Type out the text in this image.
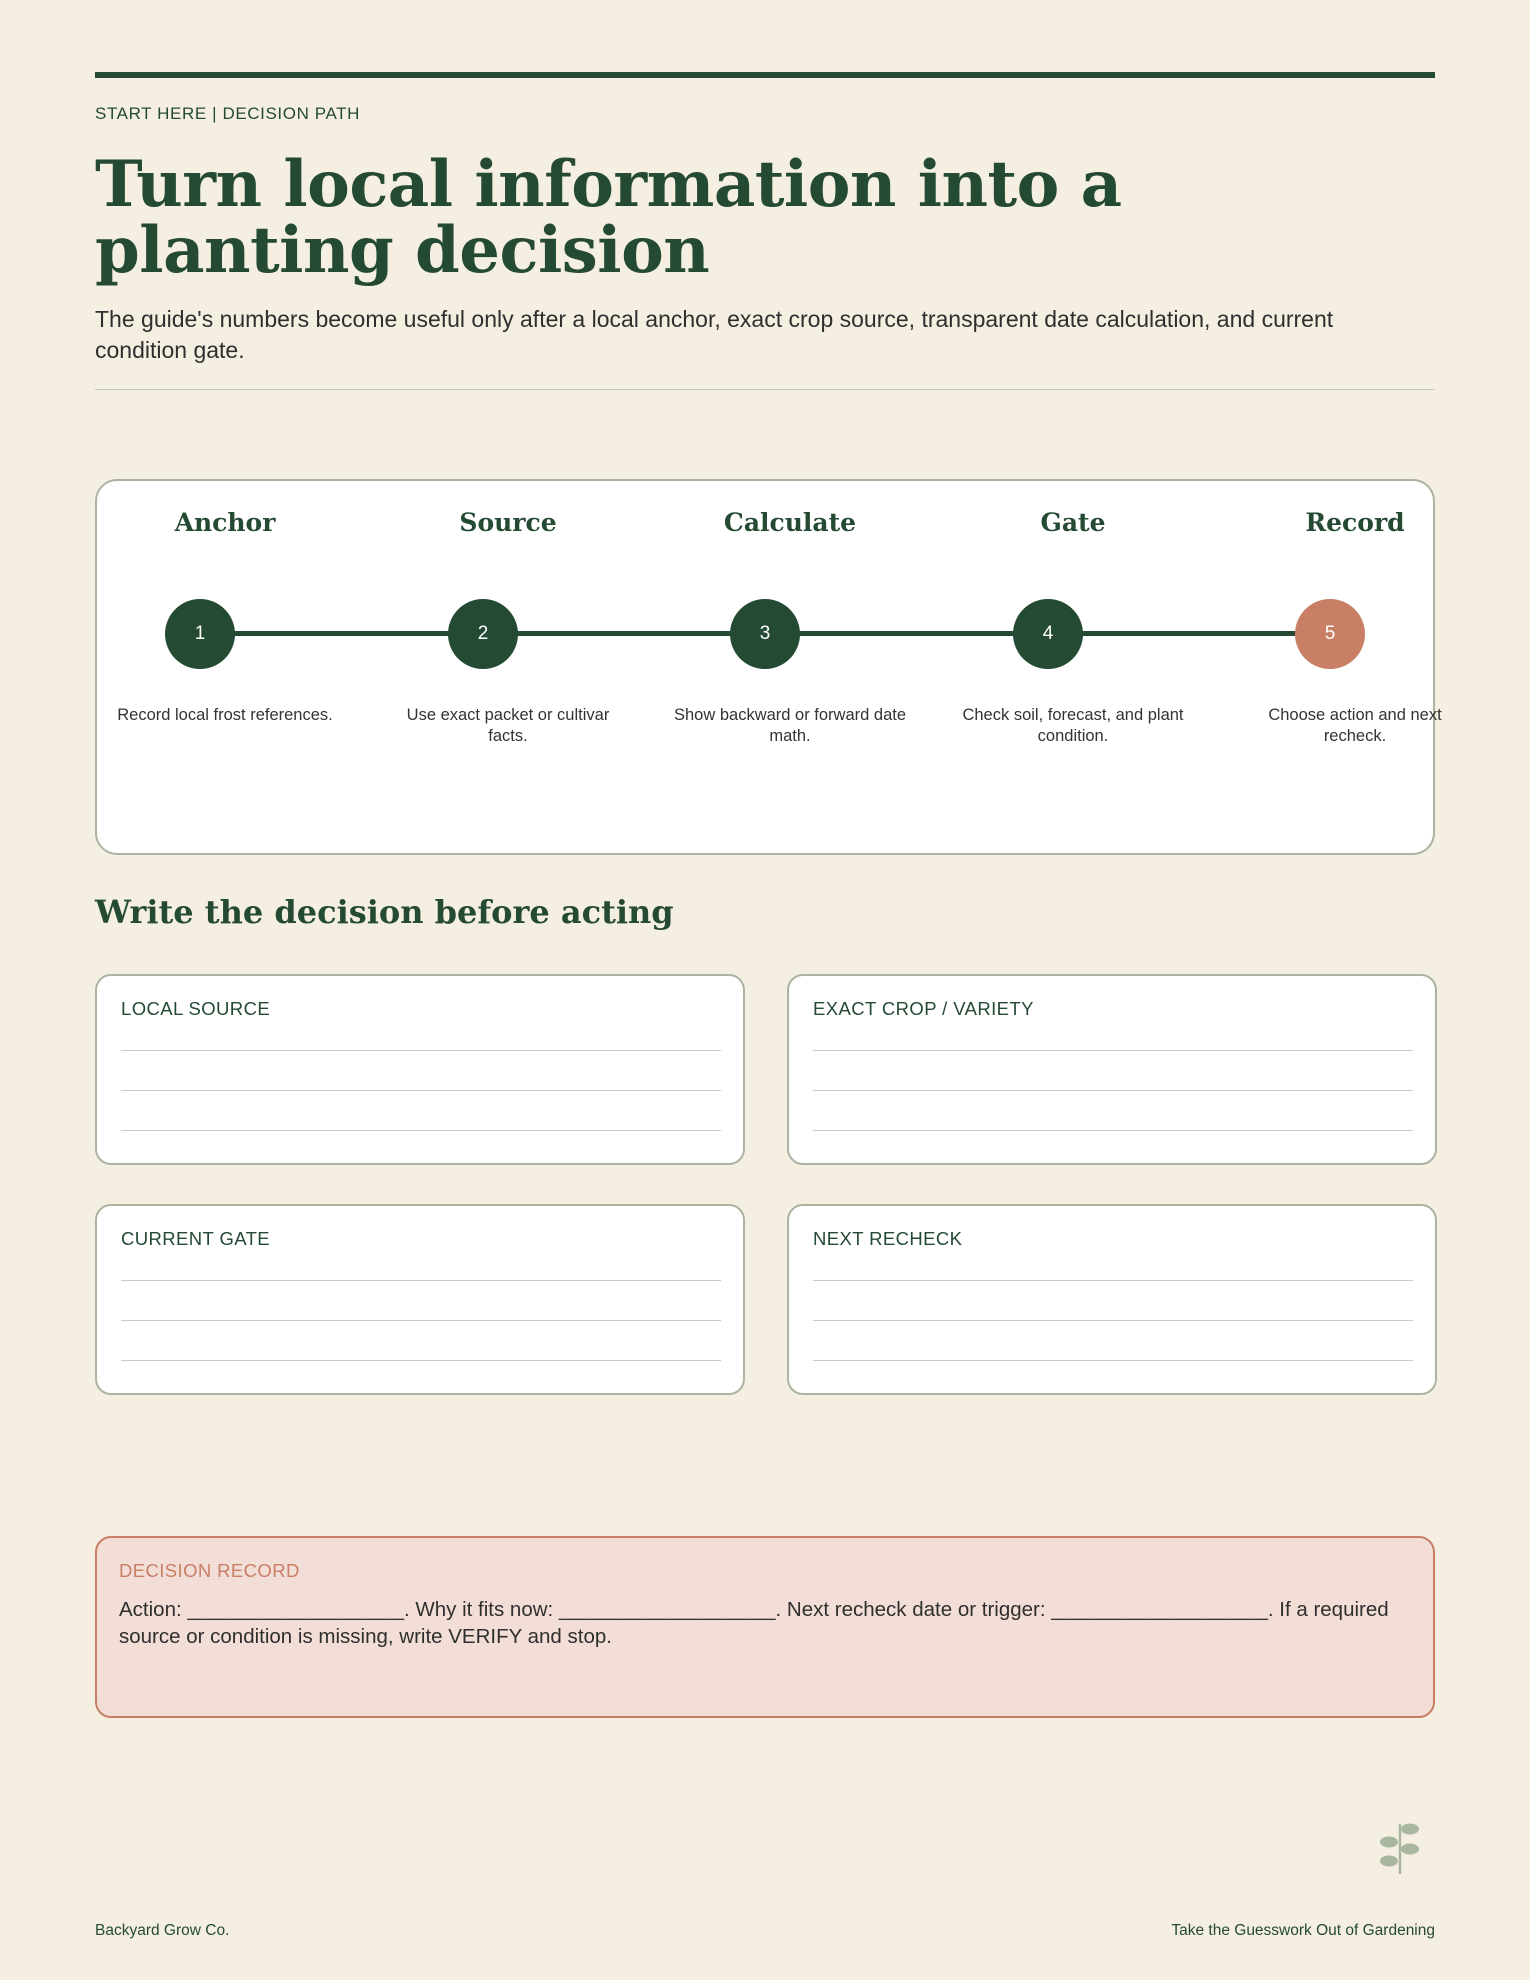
START HERE | DECISION PATH
Turn local information into a planting decision

The guide's numbers become useful only after a local anchor, exact crop source, transparent date calculation, and current condition gate.

Anchor
1
Record local frost references.
Source
2
Use exact packet or cultivar facts.
Calculate
3
Show backward or forward date math.
Gate
4
Check soil, forecast, and plant condition.
Record
5
Choose action and next recheck.
Write the decision before acting
LOCAL SOURCE	EXACT CROP / VARIETY
CURRENT GATE	NEXT RECHECK
DECISION RECORD
Action: ___________________. Why it fits now: ___________________. Next recheck date or trigger: ___________________. If a required source or condition is missing, write VERIFY and stop.
Backyard Grow Co.	Take the Guesswork Out of Gardening
